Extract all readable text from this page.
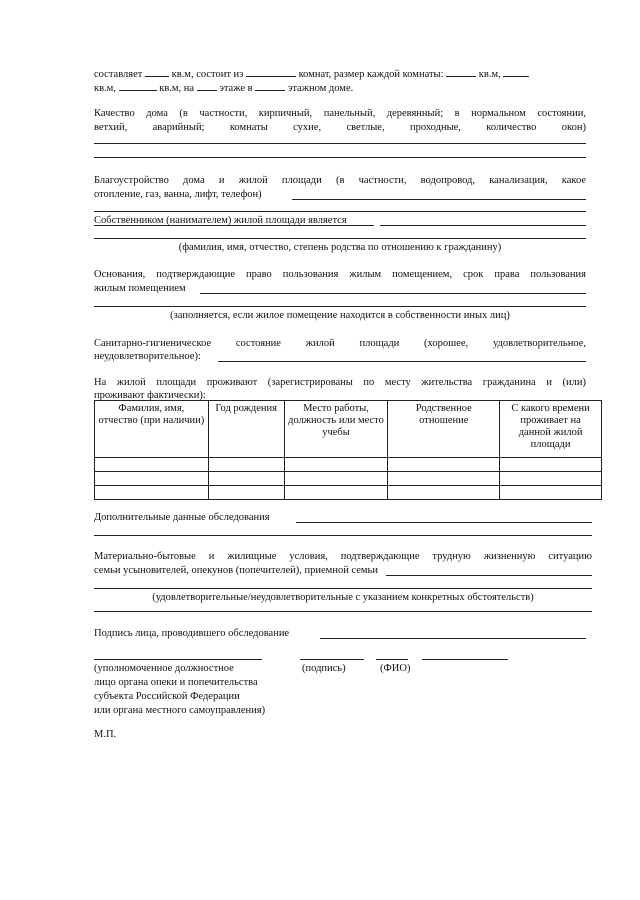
составляет	кв.м, состоит из	комнат, размер каждой комнаты:	кв.м,
кв.м,	кв.м, на этаже в	этажном доме.
Качество дома (в частности, кирпичный, панельный, деревянный; в нормальном состоянии,
ветхий, аварийный; комнаты сухие, светлые, проходные, количество окон)
Благоустройство дома и жилой площади (в частности, водопровод, канализация, какое
отопление, газ, ванна, лифт, телефон)
Собственником (нанимателем) жилой площади является
(фамилия, имя, отчество, степень родства по отношению к гражданину)
Основания, подтверждающие право пользования жилым помещением, срок права пользования
жилым помещением
(заполняется, если жилое помещение находится в собственности иных лиц)
Санитарно-гигиеническое состояние жилой площади (хорошее, удовлетворительное,
неудовлетворительное):
На жилой площади проживают (зарегистрированы по месту жительства гражданина и (или)
проживают фактически):
Фамилия, имя, отчество (при наличии)	Год рождения	Место работы, должность или место учебы	Родственное отношение	С какого времени проживает на данной жилой площади

Дополнительные данные обследования
Материально-бытовые и жилищные условия, подтверждающие трудную жизненную ситуацию
семьи усыновителей, опекунов (попечителей), приемной семьи
(удовлетворительные/неудовлетворительные с указанием конкретных обстоятельств)
Подпись лица, проводившего обследование
(уполномоченное должностное	(подпись)	(ФИО)
лицо органа опеки и попечительства
субъекта Российской Федерации
или органа местного самоуправления)
М.П.
